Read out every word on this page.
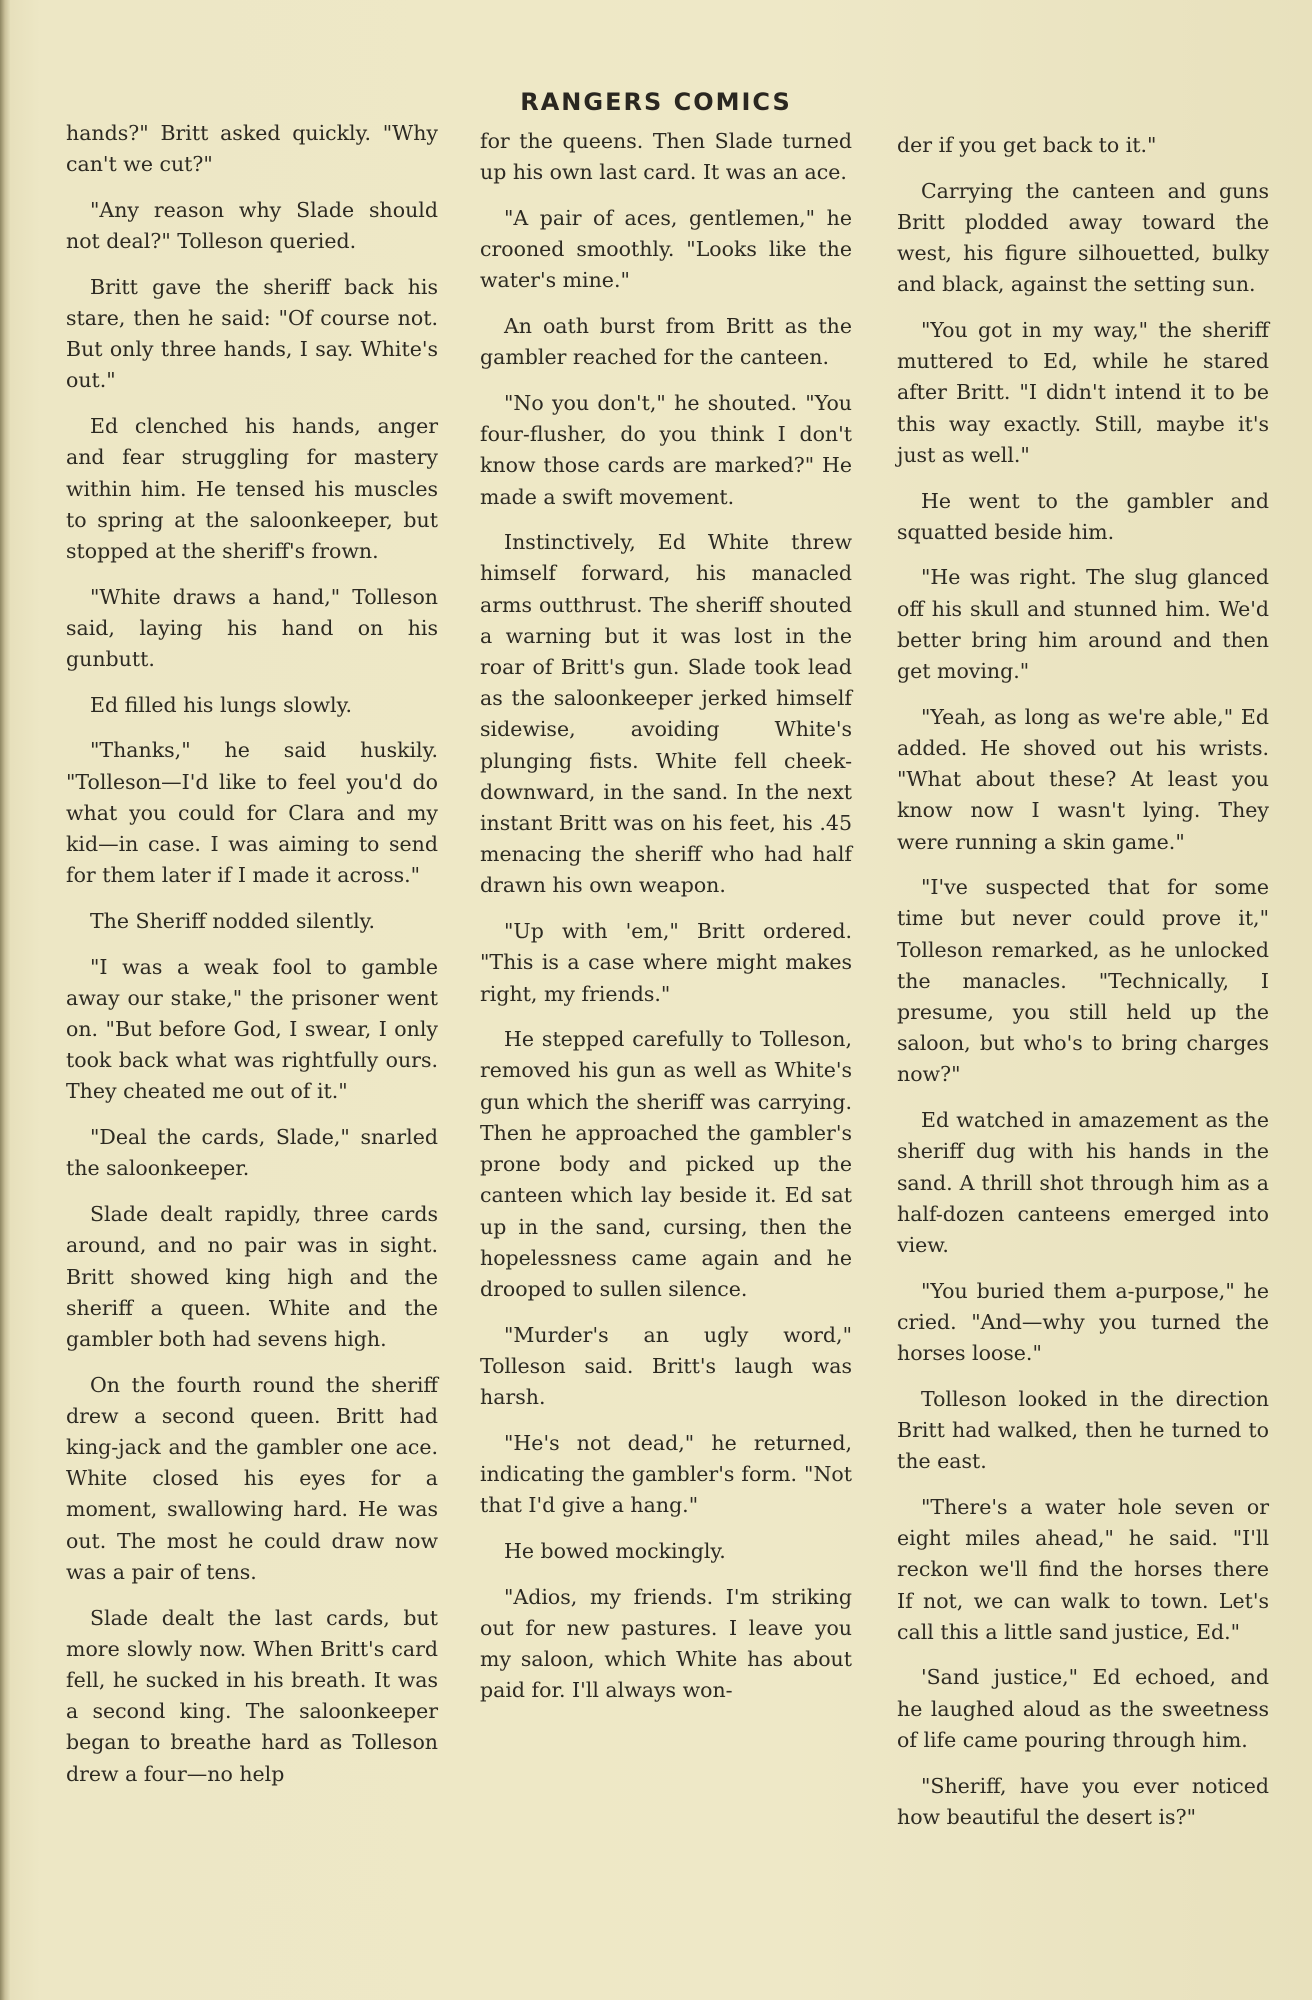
RANGERS COMICS

hands?" Britt asked quickly. "Why can't we cut?"

"Any reason why Slade should not deal?" Tolleson queried.

Britt gave the sheriff back his stare, then he said: "Of course not. But only three hands, I say. White's out."

Ed clenched his hands, anger and fear struggling for mastery within him. He tensed his muscles to spring at the saloonkeeper, but stopped at the sheriff's frown.

"White draws a hand," Tolleson said, laying his hand on his gunbutt.

Ed filled his lungs slowly.

"Thanks," he said huskily. "Tolleson—I'd like to feel you'd do what you could for Clara and my kid—in case. I was aiming to send for them later if I made it across."

The Sheriff nodded silently.

"I was a weak fool to gamble away our stake," the prisoner went on. "But before God, I swear, I only took back what was rightfully ours. They cheated me out of it."

"Deal the cards, Slade," snarled the saloonkeeper.

Slade dealt rapidly, three cards around, and no pair was in sight. Britt showed king high and the sheriff a queen. White and the gambler both had sevens high.

On the fourth round the sheriff drew a second queen. Britt had king-jack and the gambler one ace. White closed his eyes for a moment, swallowing hard. He was out. The most he could draw now was a pair of tens.

Slade dealt the last cards, but more slowly now. When Britt's card fell, he sucked in his breath. It was a second king. The saloonkeeper began to breathe hard as Tolleson drew a four—no help

for the queens. Then Slade turned up his own last card. It was an ace.

"A pair of aces, gentlemen," he crooned smoothly. "Looks like the water's mine."

An oath burst from Britt as the gambler reached for the canteen.

"No you don't," he shouted. "You four-flusher, do you think I don't know those cards are marked?" He made a swift movement.

Instinctively, Ed White threw himself forward, his manacled arms outthrust. The sheriff shouted a warning but it was lost in the roar of Britt's gun. Slade took lead as the saloonkeeper jerked himself sidewise, avoiding White's plunging fists. White fell cheek-downward, in the sand. In the next instant Britt was on his feet, his .45 menacing the sheriff who had half drawn his own weapon.

"Up with 'em," Britt ordered. "This is a case where might makes right, my friends."

He stepped carefully to Tolleson, removed his gun as well as White's gun which the sheriff was carrying. Then he approached the gambler's prone body and picked up the canteen which lay beside it. Ed sat up in the sand, cursing, then the hopelessness came again and he drooped to sullen silence.

"Murder's an ugly word," Tolleson said. Britt's laugh was harsh.

"He's not dead," he returned, indicating the gambler's form. "Not that I'd give a hang."

He bowed mockingly.

"Adios, my friends. I'm striking out for new pastures. I leave you my saloon, which White has about paid for. I'll always won-

der if you get back to it."

Carrying the canteen and guns Britt plodded away toward the west, his figure silhouetted, bulky and black, against the setting sun.

"You got in my way," the sheriff muttered to Ed, while he stared after Britt. "I didn't intend it to be this way exactly. Still, maybe it's just as well."

He went to the gambler and squatted beside him.

"He was right. The slug glanced off his skull and stunned him. We'd better bring him around and then get moving."

"Yeah, as long as we're able," Ed added. He shoved out his wrists. "What about these? At least you know now I wasn't lying. They were running a skin game."

"I've suspected that for some time but never could prove it," Tolleson remarked, as he unlocked the manacles. "Technically, I presume, you still held up the saloon, but who's to bring charges now?"

Ed watched in amazement as the sheriff dug with his hands in the sand. A thrill shot through him as a half-dozen canteens emerged into view.

"You buried them a-purpose," he cried. "And—why you turned the horses loose."

Tolleson looked in the direction Britt had walked, then he turned to the east.

"There's a water hole seven or eight miles ahead," he said. "I'll reckon we'll find the horses there If not, we can walk to town. Let's call this a little sand justice, Ed."

'Sand justice," Ed echoed, and he laughed aloud as the sweetness of life came pouring through him.

"Sheriff, have you ever noticed how beautiful the desert is?"
